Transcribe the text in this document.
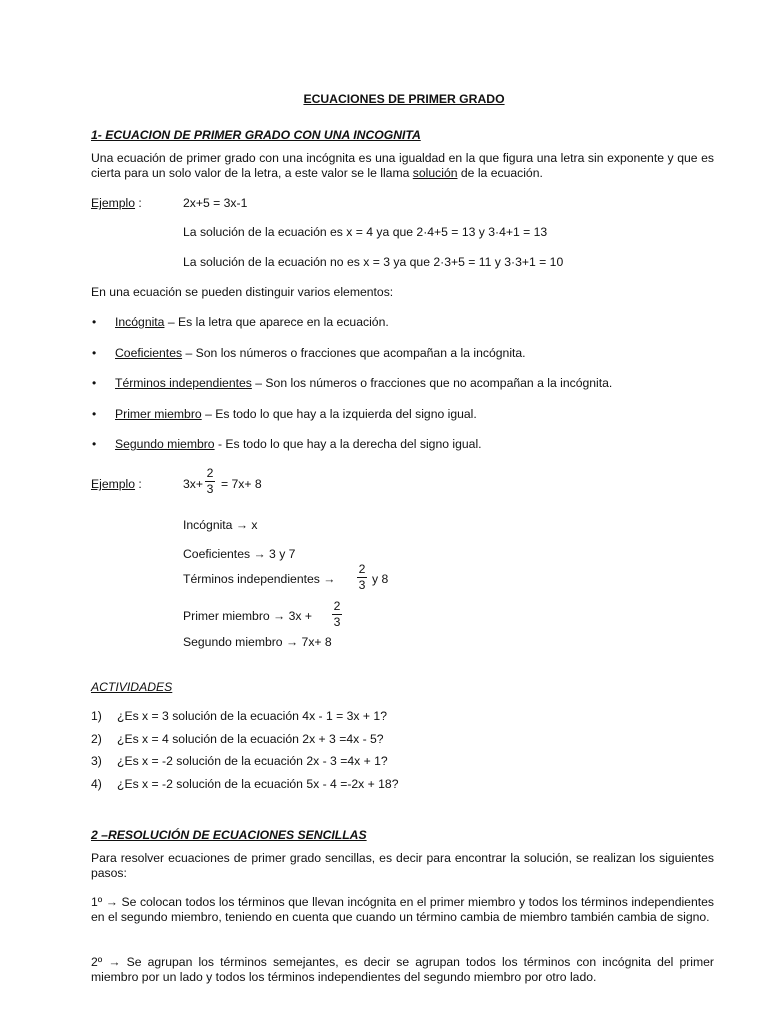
ECUACIONES DE PRIMER GRADO
1- ECUACION DE PRIMER GRADO CON UNA INCOGNITA
Una ecuación de primer grado con una incógnita es una igualdad en la que figura una letra sin exponente y que es cierta para un solo valor de la letra, a este valor se le llama solución de la ecuación.
Ejemplo :	2x+5 = 3x-1
La solución de la ecuación es x = 4 ya que 2·4+5 = 13 y 3·4+1 = 13
La solución de la ecuación no es x = 3 ya que 2·3+5 = 11 y 3·3+1 = 10
En una ecuación se pueden distinguir varios elementos:
• Incógnita – Es la letra que aparece en la ecuación.
• Coeficientes – Son los números o fracciones que acompañan a la incógnita.
• Términos independientes – Son los números o fracciones que no acompañan a la incógnita.
• Primer miembro – Es todo lo que hay a la izquierda del signo igual.
• Segundo miembro - Es todo lo que hay a la derecha del signo igual.
Ejemplo :	3x+
2
3 = 7x+ 8
Incógnita → x
Coeficientes → 3 y 7
Términos independientes →
2
3 y 8
Primer miembro → 3x +
2
3
Segundo miembro → 7x+ 8
ACTIVIDADES
1) ¿Es x = 3 solución de la ecuación 4x - 1 = 3x + 1?
2) ¿Es x = 4 solución de la ecuación 2x + 3 =4x - 5?
3) ¿Es x = -2 solución de la ecuación 2x - 3 =4x + 1?
4) ¿Es x = -2 solución de la ecuación 5x - 4 =-2x + 18?
2 –RESOLUCIÓN DE ECUACIONES SENCILLAS
Para resolver ecuaciones de primer grado sencillas, es decir para encontrar la solución, se realizan los siguientes pasos:
1º → Se colocan todos los términos que llevan incógnita en el primer miembro y todos los términos independientes en el segundo miembro, teniendo en cuenta que cuando un término cambia de miembro también cambia de signo.
2º → Se agrupan los términos semejantes, es decir se agrupan todos los términos con incógnita del primer miembro por un lado y todos los términos independientes del segundo miembro por otro lado.
